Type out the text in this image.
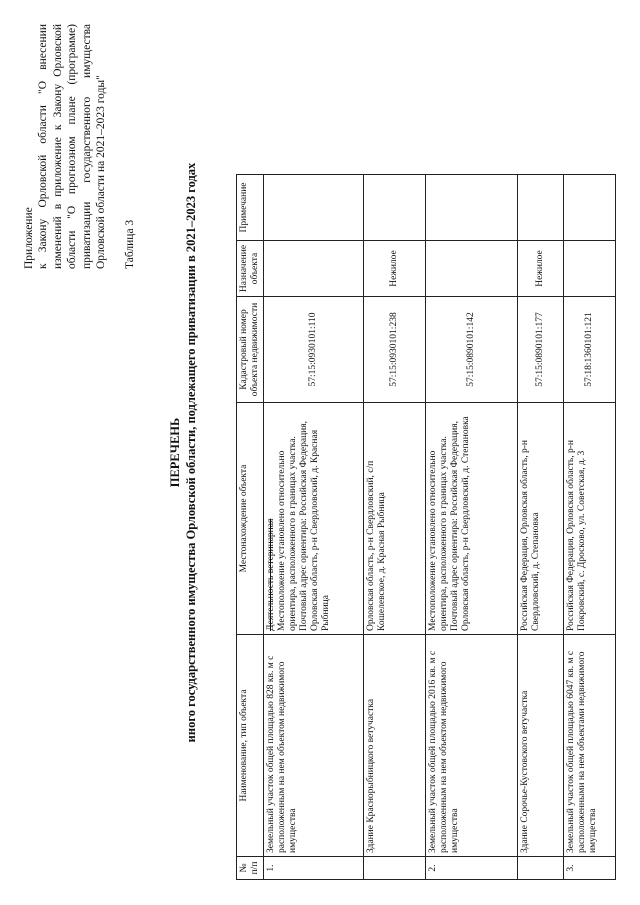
Приложение к Закону Орловской области "О внесении изменений в приложение к Закону Орловской области "О прогнозном плане (программе) приватизации государственного имущества Орловской области на 2021–2023 годы" Таблица 3
ПЕРЕЧЕНЬ иного государственного имущества Орловской области, подлежащего приватизации в 2021–2023 годах
№ п/п	Наименование, тип объекта	Местонахождение объекта	Кадастровый номер объекта недвижимости	Назначение объекта	Примечание
1.	Земельный участок общей площадью 828 кв. м с расположенным на нем объектом недвижимого имущества	Деятельность ветеринарная Местоположение установлено относительно ориентира, расположенного в границах участка. Почтовый адрес ориентира: Российская Федерация, Орловская область, р-н Свердловский, д. Красная Рыбница	57:15:0930101:110		
	Здание Краснорыбницкого ветучастка	Орловская область, р-н Свердловский, с/п Кошелевское, д. Красная Рыбница	57:15:0930101:238	Нежилое	
2.	Земельный участок общей площадью 2016 кв. м с расположенным на нем объектом недвижимого имущества	Местоположение установлено относительно ориентира, расположенного в границах участка. Почтовый адрес ориентира: Российская Федерация, Орловская область, р-н Свердловский, д. Степановка	57:15:0890101:142		
	Здание Сорочье-Кустовского ветучастка	Российская Федерация, Орловская область, р-н Свердловский, д. Степановка	57:15:0890101:177	Нежилое	
3.	Земельный участок общей площадью 6047 кв. м с расположенными на нем объектами недвижимого имущества	Российская Федерация, Орловская область, р-н Покровский, с. Дросково, ул. Советская, д. 3	57:18:1360101:121		
